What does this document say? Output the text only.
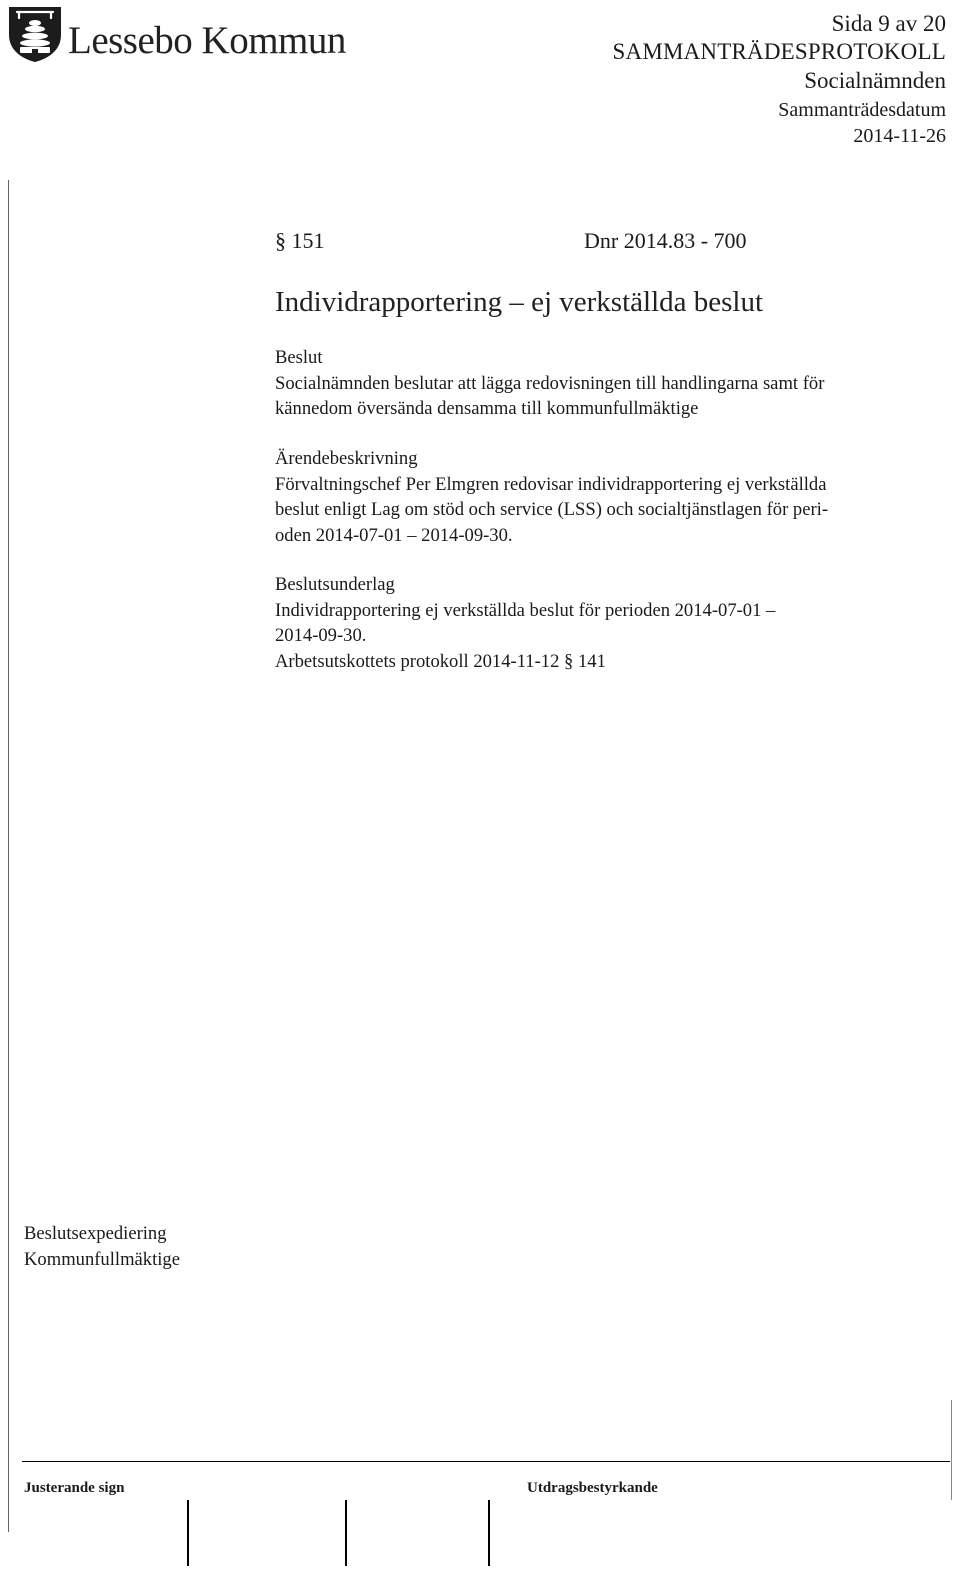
Lessebo Kommun	Sida 9 av 20
SAMMANTRÄDESPROTOKOLL
Socialnämnden
Sammanträdesdatum
2014-11-26
§ 151	Dnr 2014.83 - 700
Individrapportering – ej verkställda beslut

Beslut

Socialnämnden beslutar att lägga redovisningen till handlingarna samt för

kännedom översända densamma till kommunfullmäktige

Ärendebeskrivning

Förvaltningschef Per Elmgren redovisar individrapportering ej verkställda

beslut enligt Lag om stöd och service (LSS) och socialtjänstlagen för peri-

oden 2014-07-01 – 2014-09-30.

Beslutsunderlag

Individrapportering ej verkställda beslut för perioden 2014-07-01 –

2014-09-30.

Arbetsutskottets protokoll 2014-11-12 § 141

Beslutsexpediering

Kommunfullmäktige

Justerande sign	Utdragsbestyrkande
